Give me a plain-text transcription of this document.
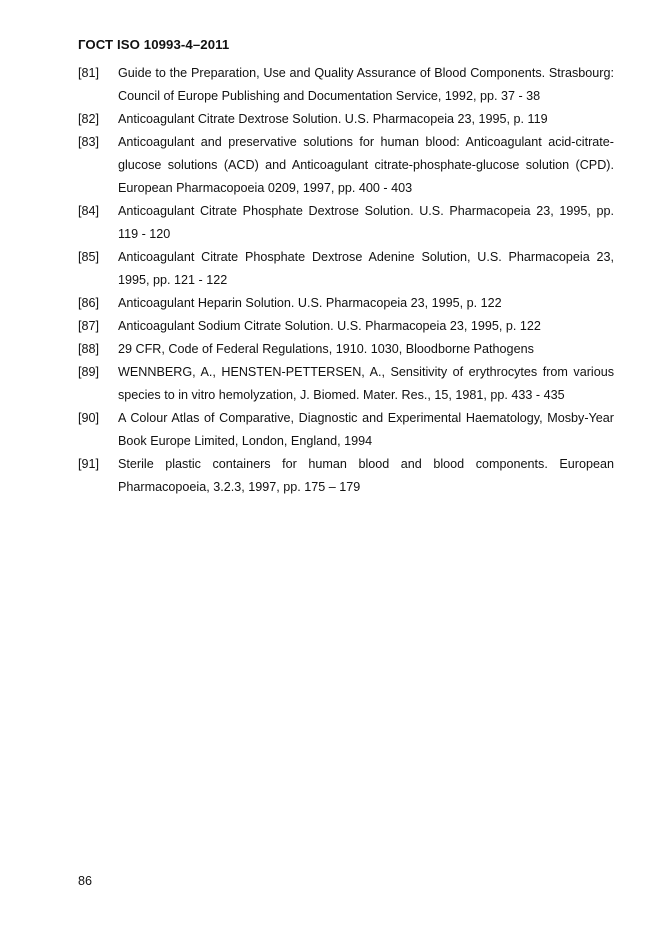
ГОСТ ISO 10993-4–2011
[81]	Guide to the Preparation, Use and Quality Assurance of Blood Components. Strasbourg: Council of Europe Publishing and Documentation Service, 1992, pp. 37 - 38
[82]	Anticoagulant Citrate Dextrose Solution. U.S. Pharmacopeia 23, 1995, p. 119
[83]	Anticoagulant and preservative solutions for human blood: Anticoagulant acid-citrate-glucose solutions (ACD) and Anticoagulant citrate-phosphate-glucose solution (CPD). European Pharmacopoeia 0209, 1997, pp. 400 - 403
[84]	Anticoagulant Citrate Phosphate Dextrose Solution. U.S. Pharmacopeia 23, 1995, pp. 119 - 120
[85]	Anticoagulant Citrate Phosphate Dextrose Adenine Solution, U.S. Pharmacopeia 23, 1995, pp. 121 - 122
[86]	Anticoagulant Heparin Solution. U.S. Pharmacopeia 23, 1995, p. 122
[87]	Anticoagulant Sodium Citrate Solution. U.S. Pharmacopeia 23, 1995, p. 122
[88]	29 CFR, Code of Federal Regulations, 1910. 1030, Bloodborne Pathogens
[89]	WENNBERG, A., HENSTEN-PETTERSEN, A., Sensitivity of erythrocytes from various species to in vitro hemolyzation, J. Biomed. Mater. Res., 15, 1981, pp. 433 - 435
[90]	A Colour Atlas of Comparative, Diagnostic and Experimental Haematology, Mosby-Year Book Europe Limited, London, England, 1994
[91]	Sterile plastic containers for human blood and blood components. European Pharmacopoeia, 3.2.3, 1997, pp. 175 – 179
86
